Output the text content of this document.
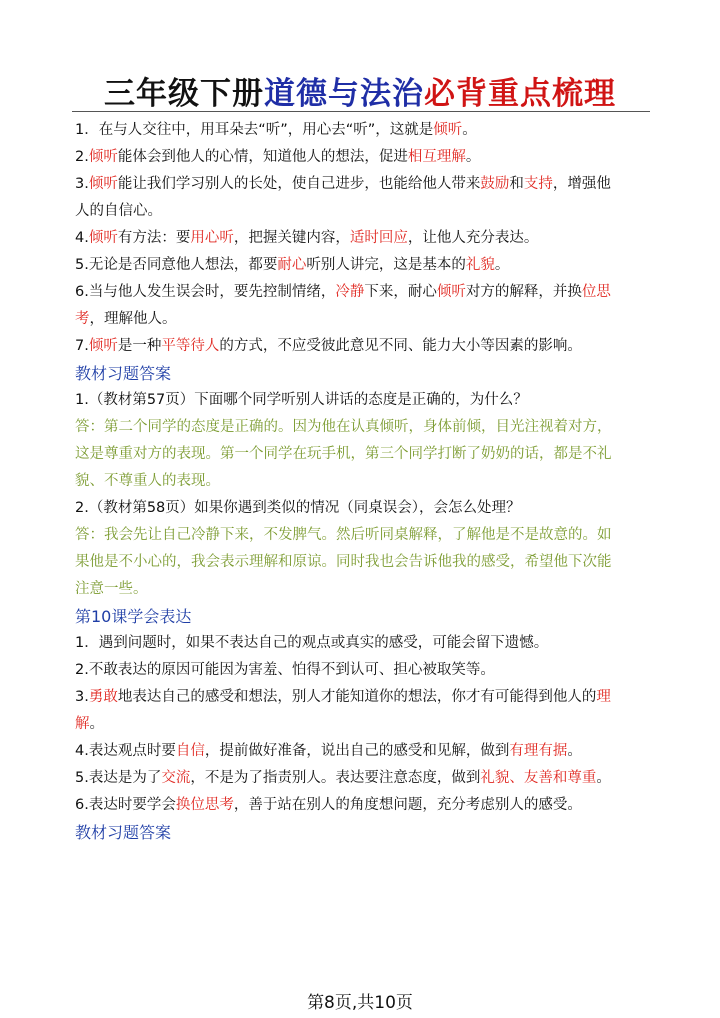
三年级下册道德与法治必背重点梳理
1．在与人交往中，用耳朵去“听”，用心去“听”，这就是倾听。
2.倾听能体会到他人的心情，知道他人的想法，促进相互理解。
3.倾听能让我们学习别人的长处，使自己进步，也能给他人带来鼓励和支持，增强他
人的自信心。
4.倾听有方法：要用心听，把握关键内容，适时回应，让他人充分表达。
5.无论是否同意他人想法，都要耐心听别人讲完，这是基本的礼貌。
6.当与他人发生误会时，要先控制情绪，冷静下来，耐心倾听对方的解释，并换位思
考，理解他人。
7.倾听是一种平等待人的方式，不应受彼此意见不同、能力大小等因素的影响。
教材习题答案
1.（教材第57页）下面哪个同学听别人讲话的态度是正确的，为什么？
答：第二个同学的态度是正确的。因为他在认真倾听，身体前倾，目光注视着对方，
这是尊重对方的表现。第一个同学在玩手机，第三个同学打断了奶奶的话，都是不礼
貌、不尊重人的表现。
2.（教材第58页）如果你遇到类似的情况（同桌误会），会怎么处理？
答：我会先让自己冷静下来，不发脾气。然后听同桌解释，了解他是不是故意的。如
果他是不小心的，我会表示理解和原谅。同时我也会告诉他我的感受，希望他下次能
注意一些。
第10课学会表达
1．遇到问题时，如果不表达自己的观点或真实的感受，可能会留下遗憾。
2.不敢表达的原因可能因为害羞、怕得不到认可、担心被取笑等。
3.勇敢地表达自己的感受和想法，别人才能知道你的想法，你才有可能得到他人的理
解。
4.表达观点时要自信，提前做好准备，说出自己的感受和见解，做到有理有据。
5.表达是为了交流，不是为了指责别人。表达要注意态度，做到礼貌、友善和尊重。
6.表达时要学会换位思考，善于站在别人的角度想问题，充分考虑别人的感受。
教材习题答案
第8页,共10页
